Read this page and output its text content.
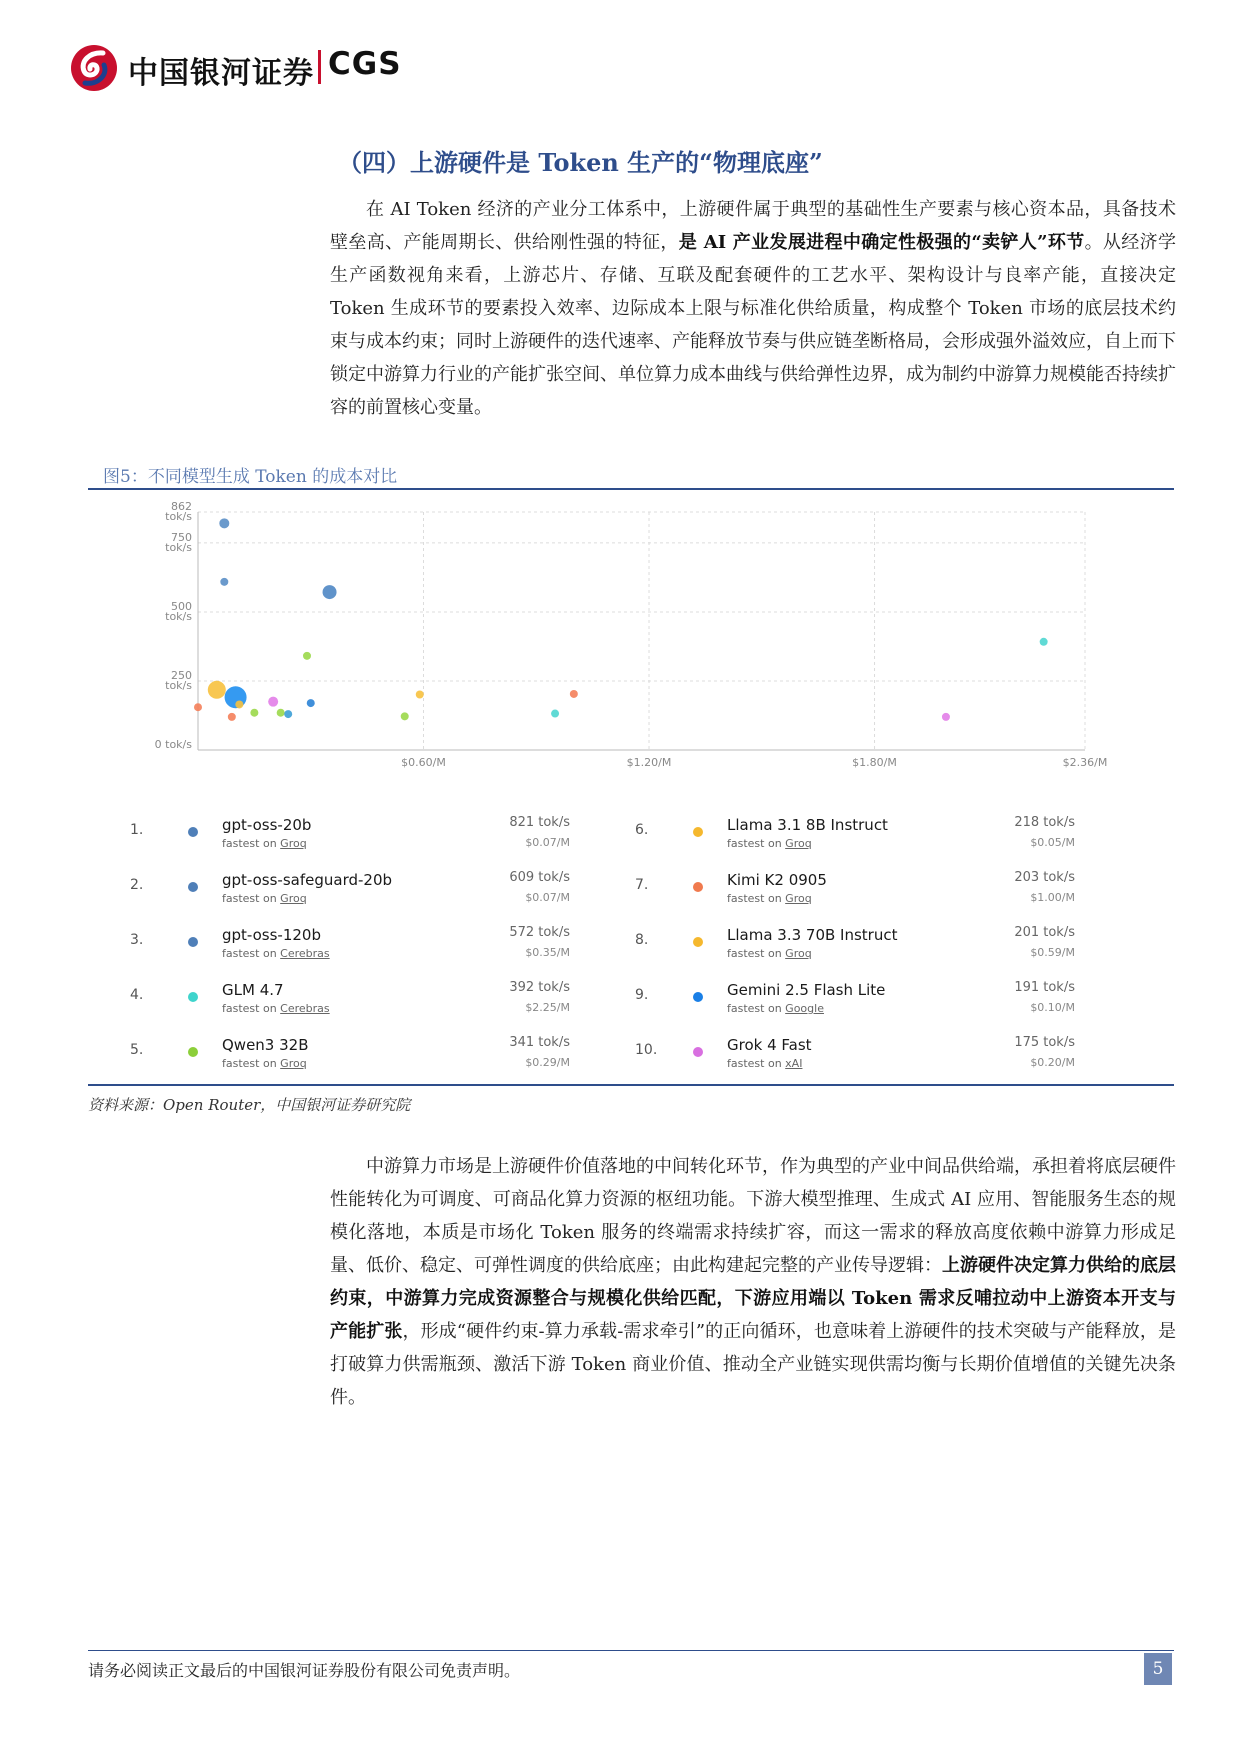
中国银河证券 CGS
（四）上游硬件是 Token 生产的“物理底座”

在 AI Token 经济的产业分工体系中，上游硬件属于典型的基础性生产要素与核心资本品，具备技术壁垒高、产能周期长、供给刚性强的特征，是 AI 产业发展进程中确定性极强的“卖铲人”环节。从经济学生产函数视角来看，上游芯片、存储、互联及配套硬件的工艺水平、架构设计与良率产能，直接决定 Token 生成环节的要素投入效率、边际成本上限与标准化供给质量，构成整个 Token 市场的底层技术约束与成本约束；同时上游硬件的迭代速率、产能释放节奏与供应链垄断格局，会形成强外溢效应，自上而下锁定中游算力行业的产能扩张空间、单位算力成本曲线与供给弹性边界，成为制约中游算力规模能否持续扩容的前置核心变量。

图5：不同模型生成 Token 的成本对比
0 tok/s
250 tok/s
500 tok/s
750 tok/s
862 tok/s
$0.60/M	$1.20/M	$1.80/M	$2.36/M
1.	gpt-oss-20b
fastest on Groq
821 tok/s
$0.07/M
2.	gpt-oss-safeguard-20b
fastest on Groq
609 tok/s
$0.07/M
3.	gpt-oss-120b
fastest on Cerebras
572 tok/s
$0.35/M
4.	GLM 4.7
fastest on Cerebras
392 tok/s
$2.25/M
5.	Qwen3 32B
fastest on Groq
341 tok/s
$0.29/M
6.	Llama 3.1 8B Instruct
fastest on Groq
218 tok/s
$0.05/M
7.	Kimi K2 0905
fastest on Groq
203 tok/s
$1.00/M
8.	Llama 3.3 70B Instruct
fastest on Groq
201 tok/s
$0.59/M
9.	Gemini 2.5 Flash Lite
fastest on Google
191 tok/s
$0.10/M
10.	Grok 4 Fast
fastest on xAI
175 tok/s
$0.20/M
资料来源：Open Router，中国银河证券研究院

中游算力市场是上游硬件价值落地的中间转化环节，作为典型的产业中间品供给端，承担着将底层硬件性能转化为可调度、可商品化算力资源的枢纽功能。下游大模型推理、生成式 AI 应用、智能服务生态的规模化落地，本质是市场化 Token 服务的终端需求持续扩容，而这一需求的释放高度依赖中游算力形成足量、低价、稳定、可弹性调度的供给底座；由此构建起完整的产业传导逻辑：上游硬件决定算力供给的底层约束，中游算力完成资源整合与规模化供给匹配，下游应用端以 Token 需求反哺拉动中上游资本开支与产能扩张，形成“硬件约束-算力承载-需求牵引”的正向循环，也意味着上游硬件的技术突破与产能释放，是打破算力供需瓶颈、激活下游 Token 商业价值、推动全产业链实现供需均衡与长期价值增值的关键先决条件。

请务必阅读正文最后的中国银河证券股份有限公司免责声明。	5
